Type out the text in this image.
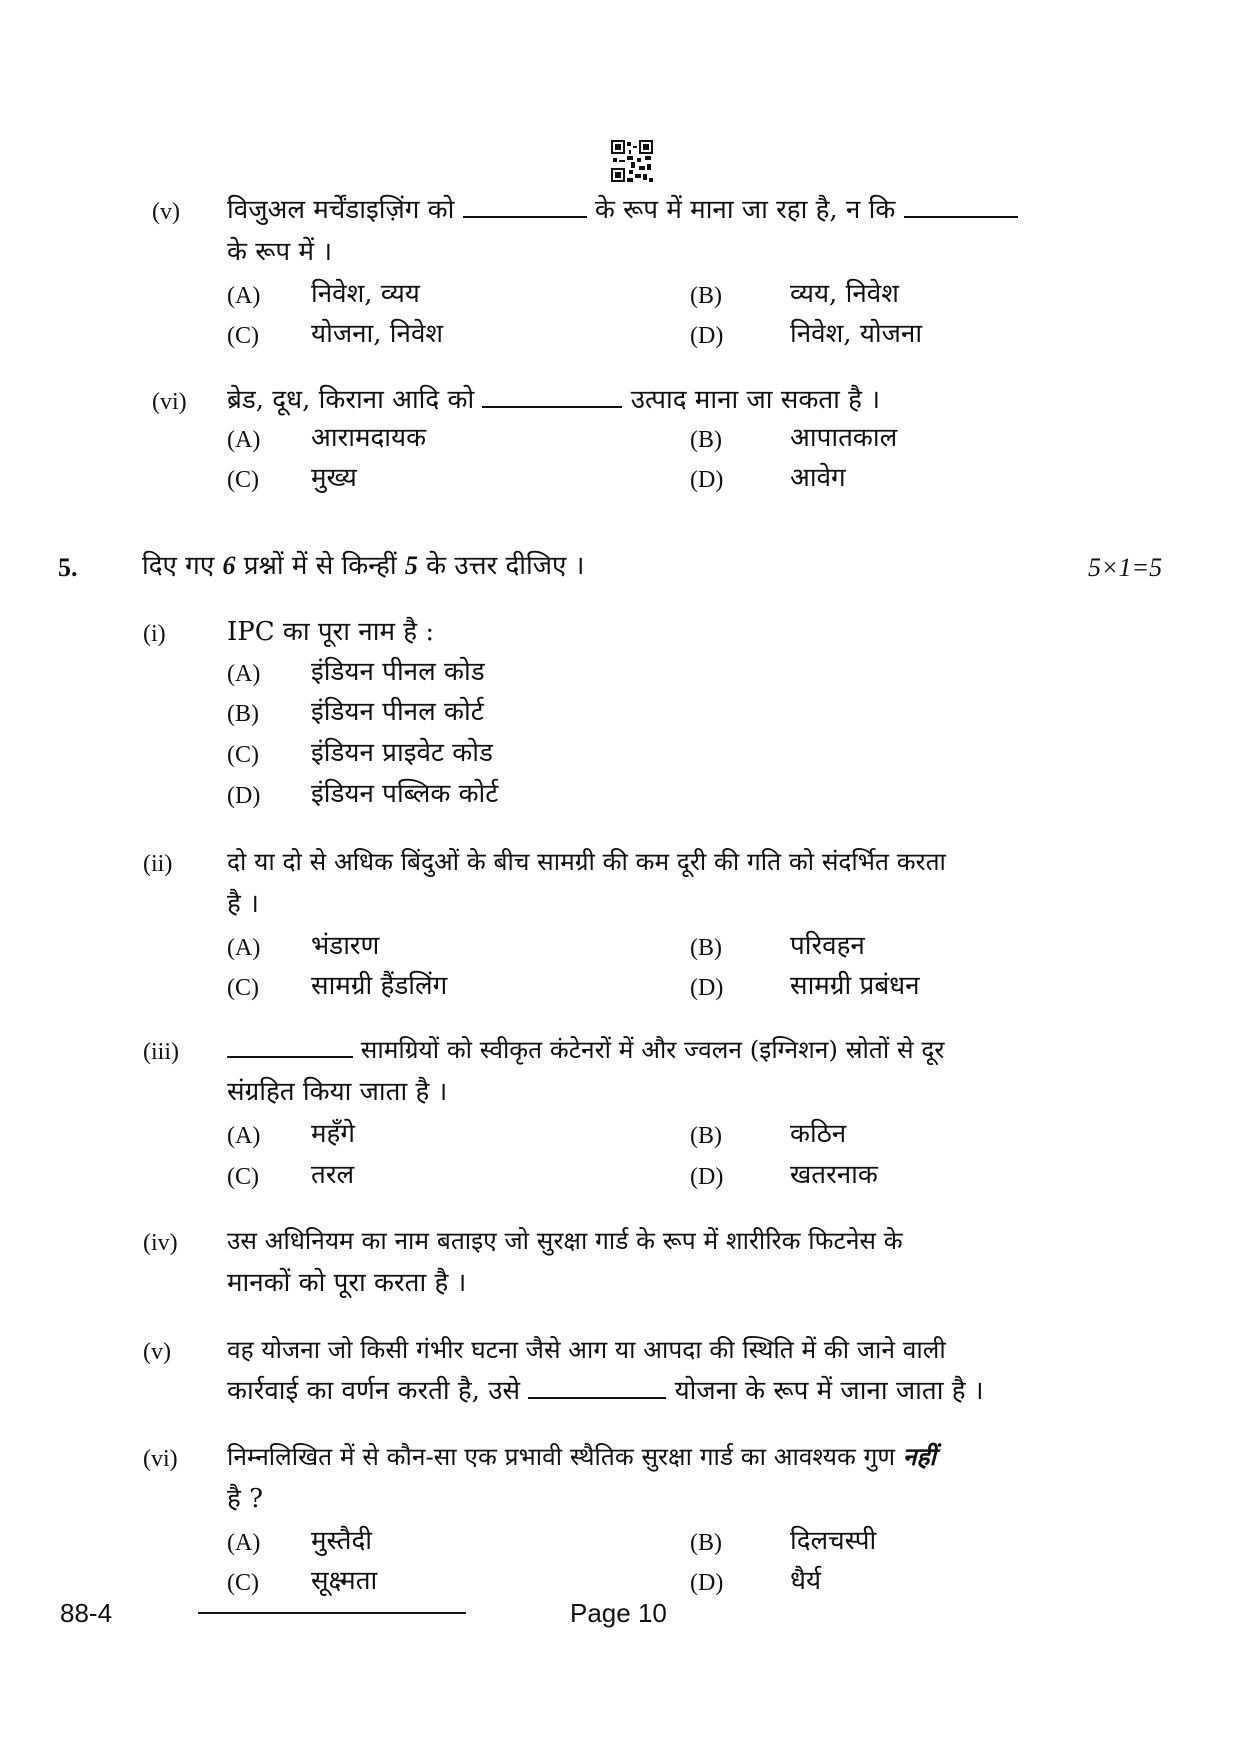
(v) विजुअल मर्चेंडाइज़िंग को	के रूप में माना जा रहा है, न कि
के रूप में ।
(A) निवेश, व्यय	(B)	व्यय, निवेश
(C) योजना, निवेश	(D)	निवेश, योजना
(vi) ब्रेड, दूध, किराना आदि को	उत्पाद माना जा सकता है ।
(A) आरामदायक	(B)	आपातकाल
(C) मुख्य	(D)	आवेग
5. दिए गए 6 प्रश्नों में से किन्हीं 5 के उत्तर दीजिए ।	5×1=5
(i) IPC का पूरा नाम है :
(A) इंडियन पीनल कोड
(B) इंडियन पीनल कोर्ट
(C) इंडियन प्राइवेट कोड
(D) इंडियन पब्लिक कोर्ट
(ii) दो या दो से अधिक बिंदुओं के बीच सामग्री की कम दूरी की गति को संदर्भित करता
है ।
(A) भंडारण	(B)	परिवहन
(C) सामग्री हैंडलिंग	(D)	सामग्री प्रबंधन
(iii)	सामग्रियों को स्वीकृत कंटेनरों में और ज्वलन (इग्निशन) स्रोतों से दूर
संग्रहित किया जाता है ।
(A) महँगे	(B)	कठिन
(C) तरल	(D)	खतरनाक
(iv) उस अधिनियम का नाम बताइए जो सुरक्षा गार्ड के रूप में शारीरिक फिटनेस के
मानकों को पूरा करता है ।
(v) वह योजना जो किसी गंभीर घटना जैसे आग या आपदा की स्थिति में की जाने वाली
कार्रवाई का वर्णन करती है, उसे	योजना के रूप में जाना जाता है ।
(vi) निम्नलिखित में से कौन-सा एक प्रभावी स्थैतिक सुरक्षा गार्ड का आवश्यक गुण नहीं
है ?
(A) मुस्तैदी	(B)	दिलचस्पी
(C) सूक्ष्मता	(D)	धैर्य
88-4	Page 10
